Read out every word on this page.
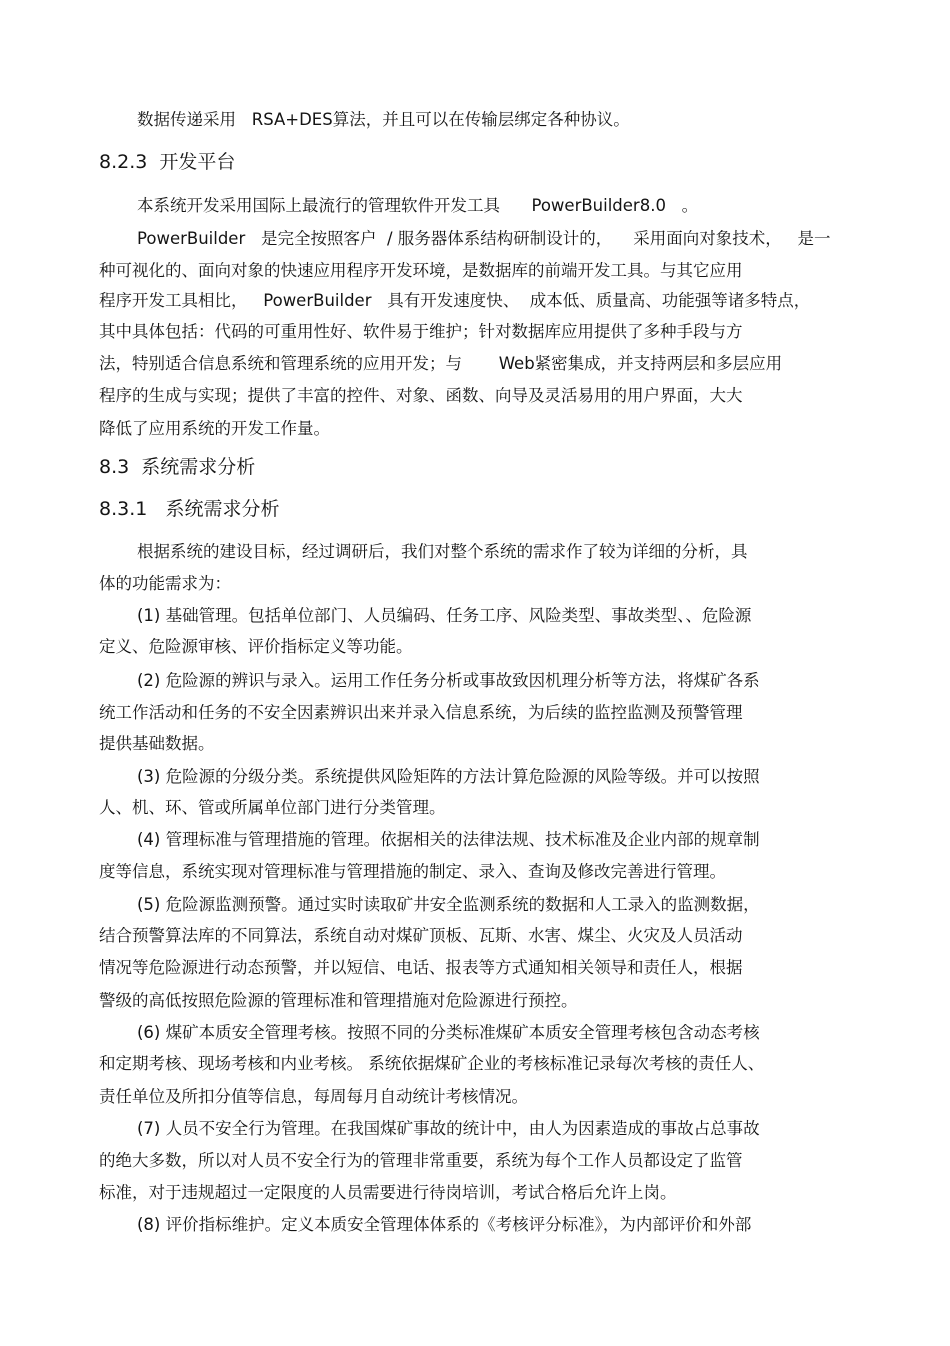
数据传递采用   RSA+DES算法，并且可以在传输层绑定各种协议。
8.2.3  开发平台
本系统开发采用国际上最流行的管理软件开发工具      PowerBuilder8.0   。
PowerBuilder   是完全按照客户  / 服务器体系结构研制设计的，    采用面向对象技术，   是一
种可视化的、面向对象的快速应用程序开发环境，是数据库的前端开发工具。与其它应用
程序开发工具相比，   PowerBuilder   具有开发速度快、  成本低、质量高、功能强等诸多特点，
其中具体包括：代码的可重用性好、软件易于维护；针对数据库应用提供了多种手段与方
法，特别适合信息系统和管理系统的应用开发；与       Web紧密集成，并支持两层和多层应用
程序的生成与实现；提供了丰富的控件、对象、函数、向导及灵活易用的用户界面，大大
降低了应用系统的开发工作量。
8.3  系统需求分析
8.3.1   系统需求分析
根据系统的建设目标，经过调研后，我们对整个系统的需求作了较为详细的分析，具
体的功能需求为：
(1) 基础管理。包括单位部门、人员编码、任务工序、风险类型、事故类型、、危险源
定义、危险源审核、评价指标定义等功能。
(2) 危险源的辨识与录入。运用工作任务分析或事故致因机理分析等方法，将煤矿各系
统工作活动和任务的不安全因素辨识出来并录入信息系统，为后续的监控监测及预警管理
提供基础数据。
(3) 危险源的分级分类。系统提供风险矩阵的方法计算危险源的风险等级。并可以按照
人、机、环、管或所属单位部门进行分类管理。
(4) 管理标准与管理措施的管理。依据相关的法律法规、技术标准及企业内部的规章制
度等信息，系统实现对管理标准与管理措施的制定、录入、查询及修改完善进行管理。
(5) 危险源监测预警。通过实时读取矿井安全监测系统的数据和人工录入的监测数据，
结合预警算法库的不同算法，系统自动对煤矿顶板、瓦斯、水害、煤尘、火灾及人员活动
情况等危险源进行动态预警，并以短信、电话、报表等方式通知相关领导和责任人，根据
警级的高低按照危险源的管理标准和管理措施对危险源进行预控。
(6) 煤矿本质安全管理考核。按照不同的分类标准煤矿本质安全管理考核包含动态考核
和定期考核、现场考核和内业考核。 系统依据煤矿企业的考核标准记录每次考核的责任人、
责任单位及所扣分值等信息，每周每月自动统计考核情况。
(7) 人员不安全行为管理。在我国煤矿事故的统计中，由人为因素造成的事故占总事故
的绝大多数，所以对人员不安全行为的管理非常重要，系统为每个工作人员都设定了监管
标准，对于违规超过一定限度的人员需要进行待岗培训，考试合格后允许上岗。
(8) 评价指标维护。定义本质安全管理体体系的《考核评分标准》，为内部评价和外部
